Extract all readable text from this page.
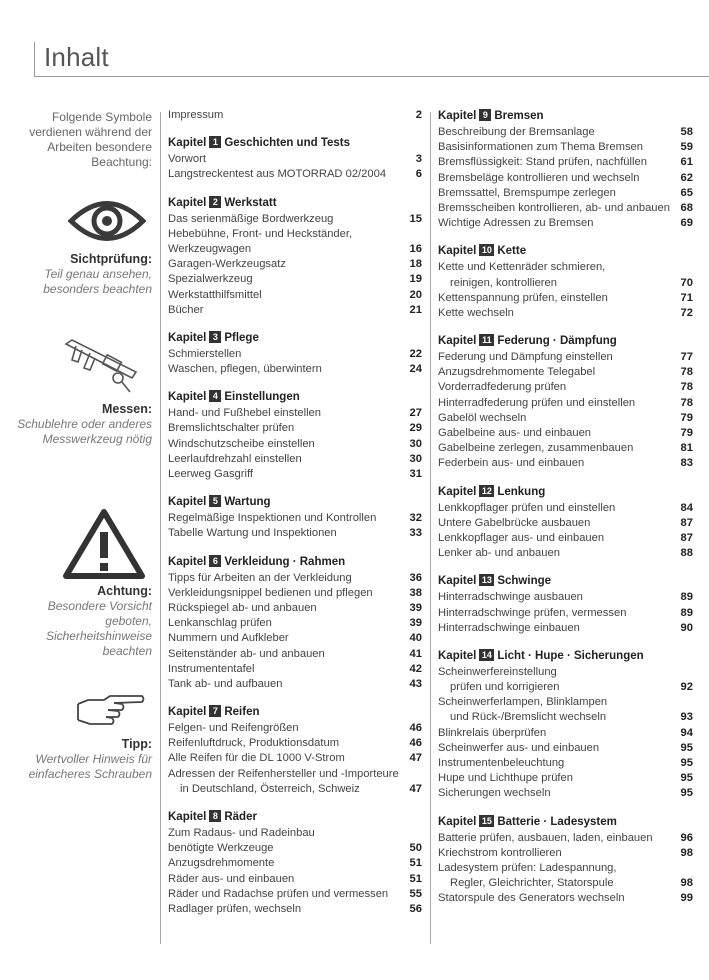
Inhalt
Folgende Symbole verdienen während der Arbeiten besondere Beachtung:
Sichtprüfung:
Teil genau ansehen, besonders beachten
Messen:
Schublehre oder anderes Messwerkzeug nötig
Achtung:
Besondere Vorsicht geboten, Sicherheitshinweise beachten
Tipp:
Wertvoller Hinweis für einfacheres Schrauben
Impressum	2
Kapitel 1 Geschichten und Tests
Vorwort	3
Langstreckentest aus MOTORRAD 02/2004	6
Kapitel 2 Werkstatt
Das serienmäßige Bordwerkzeug	15
Hebebühne, Front- und Heckständer,
Werkzeugwagen	16
Garagen-Werkzeugsatz	18
Spezialwerkzeug	19
Werkstatthilfsmittel	20
Bücher	21
Kapitel 3 Pflege
Schmierstellen	22
Waschen, pflegen, überwintern	24
Kapitel 4 Einstellungen
Hand- und Fußhebel einstellen	27
Bremslichtschalter prüfen	29
Windschutzscheibe einstellen	30
Leerlaufdrehzahl einstellen	30
Leerweg Gasgriff	31
Kapitel 5 Wartung
Regelmäßige Inspektionen und Kontrollen	32
Tabelle Wartung und Inspektionen	33
Kapitel 6 Verkleidung · Rahmen
Tipps für Arbeiten an der Verkleidung	36
Verkleidungsnippel bedienen und pflegen	38
Rückspiegel ab- und anbauen	39
Lenkanschlag prüfen	39
Nummern und Aufkleber	40
Seitenständer ab- und anbauen	41
Instrumententafel	42
Tank ab- und aufbauen	43
Kapitel 7 Reifen
Felgen- und Reifengrößen	46
Reifenluftdruck, Produktionsdatum	46
Alle Reifen für die DL 1000 V-Strom	47
Adressen der Reifenhersteller und -Importeure
in Deutschland, Österreich, Schweiz	47
Kapitel 8 Räder
Zum Radaus- und Radeinbau
benötigte Werkzeuge	50
Anzugsdrehmomente	51
Räder aus- und einbauen	51
Räder und Radachse prüfen und vermessen 55
Radlager prüfen, wechseln	56
Kapitel 9 Bremsen
Beschreibung der Bremsanlage	58
Basisinformationen zum Thema Bremsen	59
Bremsflüssigkeit: Stand prüfen, nachfüllen	61
Bremsbeläge kontrollieren und wechseln	62
Bremssattel, Bremspumpe zerlegen	65
Bremsscheiben kontrollieren, ab- und anbauen 68
Wichtige Adressen zu Bremsen	69
Kapitel 10 Kette
Kette und Kettenräder schmieren,
reinigen, kontrollieren	70
Kettenspannung prüfen, einstellen	71
Kette wechseln	72
Kapitel 11 Federung · Dämpfung
Federung und Dämpfung einstellen	77
Anzugsdrehmomente Telegabel	78
Vorderradfederung prüfen	78
Hinterradfederung prüfen und einstellen	78
Gabelöl wechseln	79
Gabelbeine aus- und einbauen	79
Gabelbeine zerlegen, zusammenbauen	81
Federbein aus- und einbauen	83
Kapitel 12 Lenkung
Lenkkopflager prüfen und einstellen	84
Untere Gabelbrücke ausbauen	87
Lenkkopflager aus- und einbauen	87
Lenker ab- und anbauen	88
Kapitel 13 Schwinge
Hinterradschwinge ausbauen	89
Hinterradschwinge prüfen, vermessen	89
Hinterradschwinge einbauen	90
Kapitel 14 Licht · Hupe · Sicherungen
Scheinwerfereinstellung
prüfen und korrigieren	92
Scheinwerferlampen, Blinklampen
und Rück-/Bremslicht wechseln	93
Blinkrelais überprüfen	94
Scheinwerfer aus- und einbauen	95
Instrumentenbeleuchtung	95
Hupe und Lichthupe prüfen	95
Sicherungen wechseln	95
Kapitel 15 Batterie · Ladesystem
Batterie prüfen, ausbauen, laden, einbauen 96
Kriechstrom kontrollieren	98
Ladesystem prüfen: Ladespannung,
Regler, Gleichrichter, Statorspule	98
Statorspule des Generators wechseln	99
